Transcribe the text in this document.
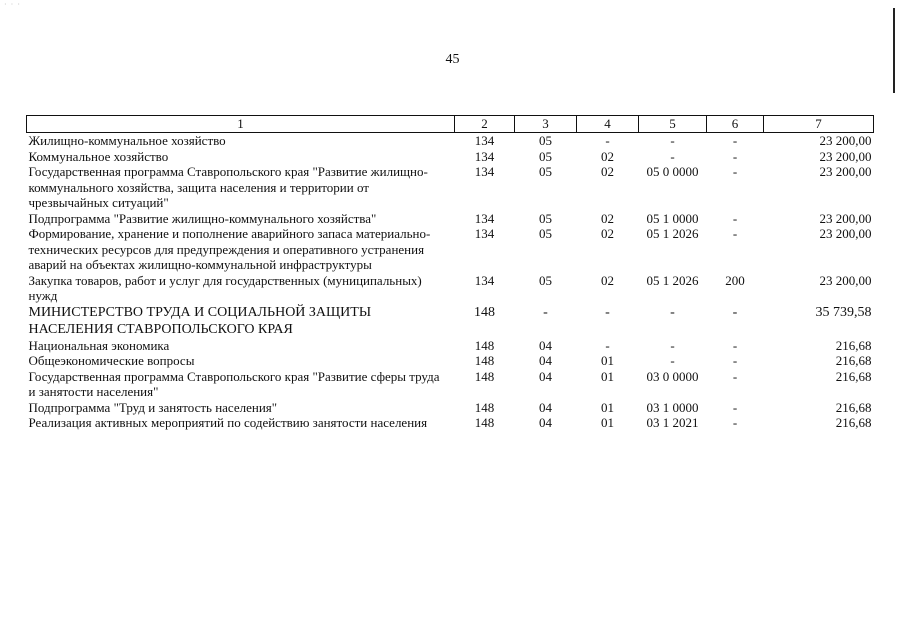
· · ·
45
1	2	3	4	5	6	7
Жилищно-коммунальное хозяйство	134	05	-	-	-	23 200,00
Коммунальное хозяйство	134	05	02	-	-	23 200,00
Государственная программа Ставропольского края "Развитие жилищно-коммунального хозяйства, защита населения и территории от чрезвычайных ситуаций"	134	05	02	05 0 0000	-	23 200,00
Подпрограмма "Развитие жилищно-коммунального хозяйства"	134	05	02	05 1 0000	-	23 200,00
Формирование, хранение и пополнение аварийного запаса материально-технических ресурсов для предупреждения и оперативного устранения аварий на объектах жилищно-коммунальной инфраструктуры	134	05	02	05 1 2026	-	23 200,00
Закупка товаров, работ и услуг для государственных (муниципальных) нужд	134	05	02	05 1 2026	200	23 200,00
МИНИСТЕРСТВО ТРУДА И СОЦИАЛЬНОЙ ЗАЩИТЫ НАСЕЛЕНИЯ СТАВРОПОЛЬСКОГО КРАЯ	148	-	-	-	-	35 739,58
Национальная экономика	148	04	-	-	-	216,68
Общеэкономические вопросы	148	04	01	-	-	216,68
Государственная программа Ставропольского края "Развитие сферы труда и занятости населения"	148	04	01	03 0 0000	-	216,68
Подпрограмма "Труд и занятость населения"	148	04	01	03 1 0000	-	216,68
Реализация активных мероприятий по содействию занятости населения	148	04	01	03 1 2021	-	216,68
